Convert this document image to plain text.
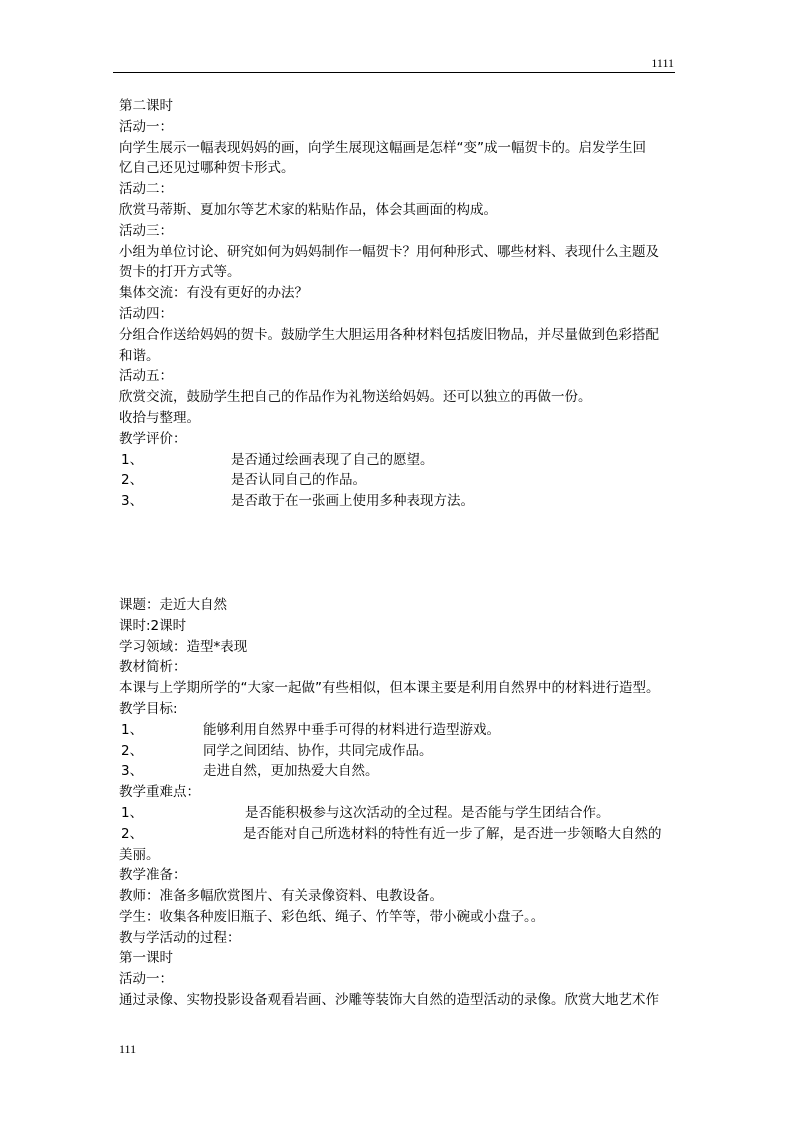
1111
第二课时
活动一：
向学生展示一幅表现妈妈的画，向学生展现这幅画是怎样“变”成一幅贺卡的。启发学生回
忆自己还见过哪种贺卡形式。
活动二：
欣赏马蒂斯、夏加尔等艺术家的粘贴作品，体会其画面的构成。
活动三：
小组为单位讨论、研究如何为妈妈制作一幅贺卡？用何种形式、哪些材料、表现什么主题及
贺卡的打开方式等。
集体交流：有没有更好的办法？
活动四：
分组合作送给妈妈的贺卡。鼓励学生大胆运用各种材料包括废旧物品，并尽量做到色彩搭配
和谐。
活动五：
欣赏交流，鼓励学生把自己的作品作为礼物送给妈妈。还可以独立的再做一份。
收拾与整理。
教学评价：
1、	是否通过绘画表现了自己的愿望。
2、	是否认同自己的作品。
3、	是否敢于在一张画上使用多种表现方法。
课题：走近大自然
课时:2课时
学习领域：造型*表现
教材简析：
本课与上学期所学的“大家一起做”有些相似，但本课主要是利用自然界中的材料进行造型。
教学目标:
1、	能够利用自然界中垂手可得的材料进行造型游戏。
2、	同学之间团结、协作，共同完成作品。
3、	走进自然，更加热爱大自然。
教学重难点：
1、	是否能积极参与这次活动的全过程。是否能与学生团结合作。
2、	是否能对自己所选材料的特性有近一步了解，是否进一步领略大自然的
美丽。
教学准备：
教师：准备多幅欣赏图片、有关录像资料、电教设备。
学生：收集各种废旧瓶子、彩色纸、绳子、竹竿等，带小碗或小盘子。。
教与学活动的过程：
第一课时
活动一：
通过录像、实物投影设备观看岩画、沙雕等装饰大自然的造型活动的录像。欣赏大地艺术作
111
